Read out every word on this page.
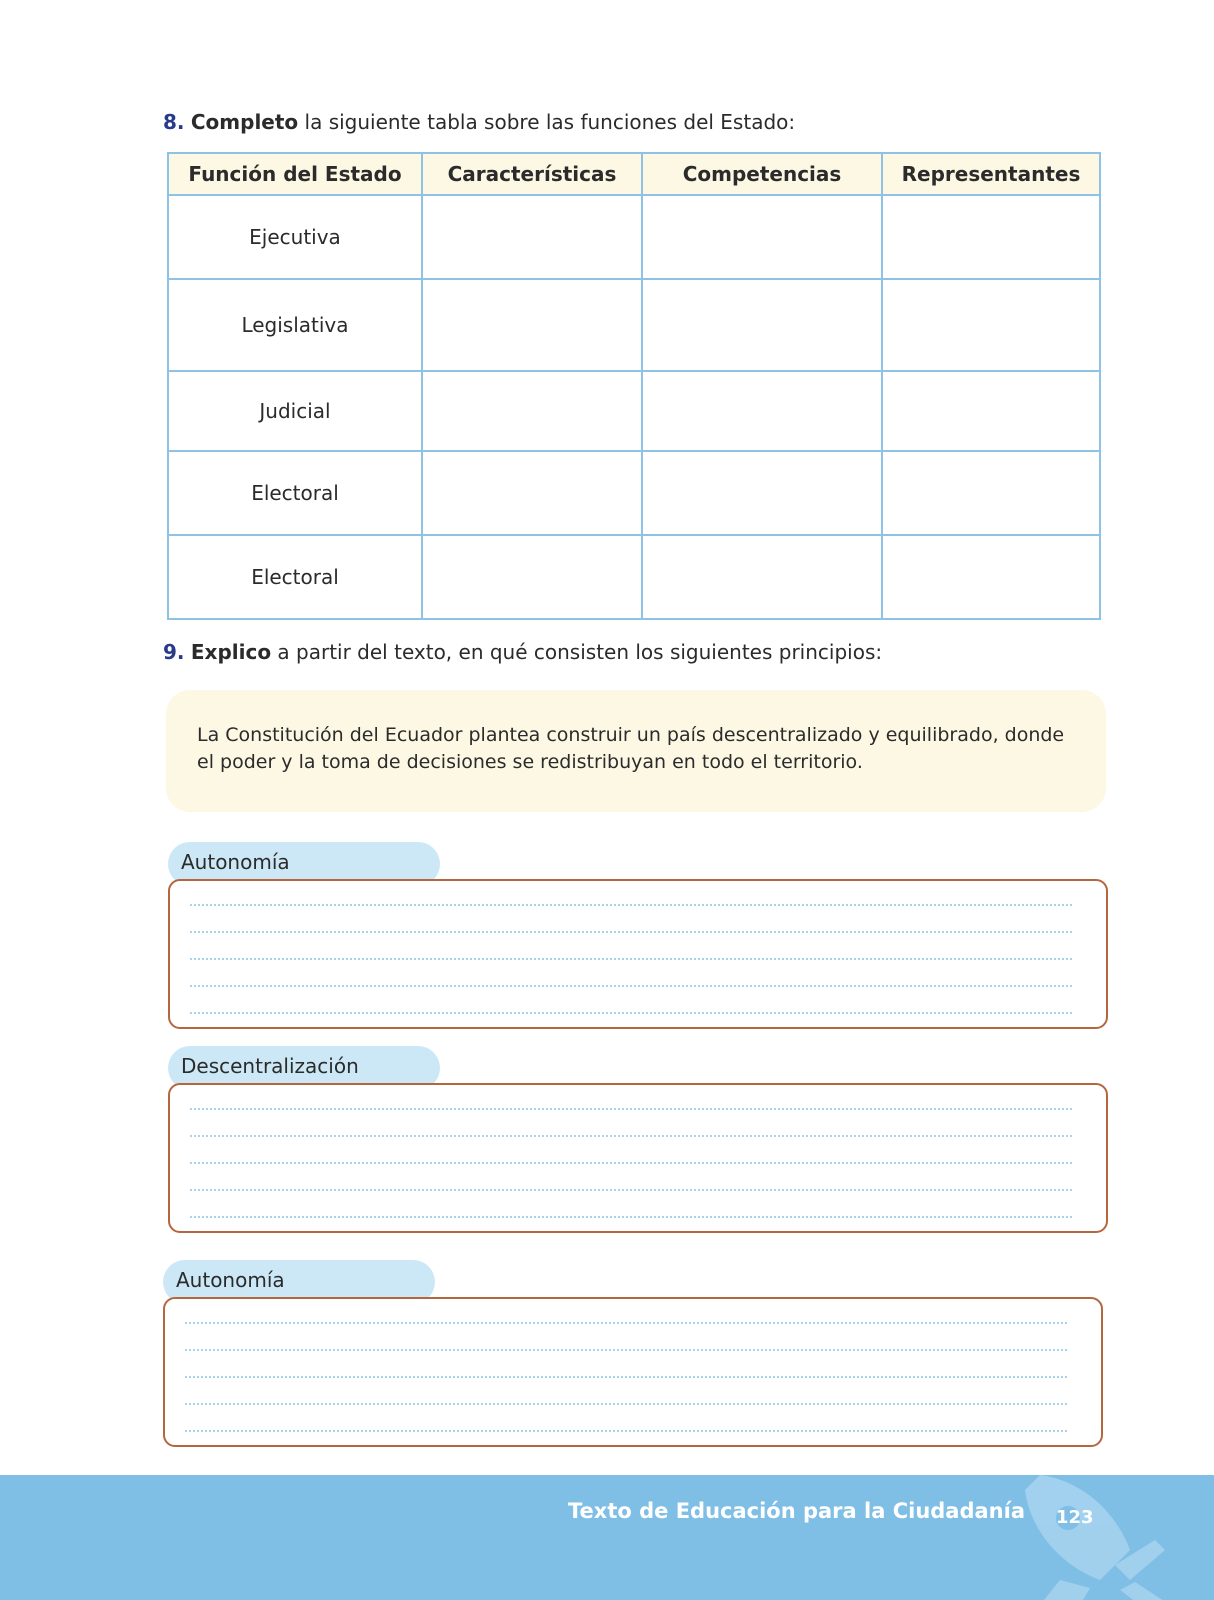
8. Completo la siguiente tabla sobre las funciones del Estado:
Función del Estado	Características	Competencias	Representantes
Ejecutiva			
Legislativa			
Judicial			
Electoral			
Electoral			
9. Explico a partir del texto, en qué consisten los siguientes principios:

La Constitución del Ecuador plantea construir un país descentralizado y equilibrado, donde el poder y la toma de decisiones se redistribuyan en todo el territorio.

Autonomía
Descentralización
Autonomía
Texto de Educación para la Ciudadanía 123
